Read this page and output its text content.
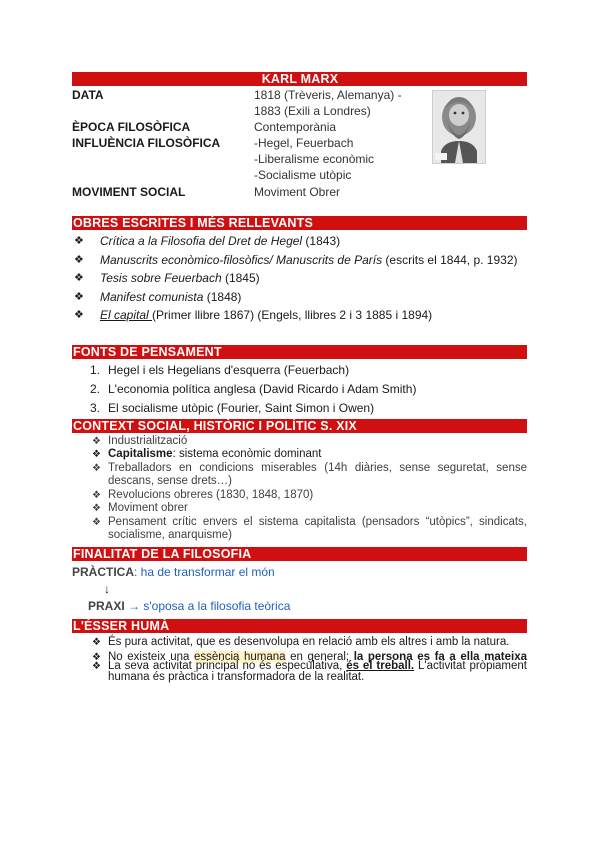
KARL MARX
DATA	1818 (Trèveris, Alemanya) -
1883 (Exili a Londres)
ÈPOCA FILOSÒFICA	Contemporània
INFLUÈNCIA FILOSÒFICA	-Hegel, Feuerbach
-Liberalisme econòmic
-Socialisme utòpic
MOVIMENT SOCIAL	Moviment Obrer
OBRES ESCRITES I MÉS RELLEVANTS
❖ Crítica a la Filosofia del Dret de Hegel (1843)
❖ Manuscrits econòmico-filosòfics/ Manuscrits de París (escrits el 1844, p. 1932)
❖ Tesis sobre Feuerbach (1845)
❖ Manifest comunista (1848)
❖ El capital (Primer llibre 1867) (Engels, llibres 2 i 3 1885 i 1894)
FONTS DE PENSAMENT
1. Hegel i els Hegelians d'esquerra (Feuerbach)
2. L'economia política anglesa (David Ricardo i Adam Smith)
3. El socialisme utòpic (Fourier, Saint Simon i Owen)
CONTEXT SOCIAL, HISTÒRIC I POLÍTIC S. XIX
❖ Industrialització
❖ Capitalisme: sistema econòmic dominant
❖ Treballadors en condicions miserables (14h diàries, sense seguretat, sense descans, sense drets…)
❖ Revolucions obreres (1830, 1848, 1870)
❖ Moviment obrer
❖ Pensament crític envers el sistema capitalista (pensadors “utòpics”, sindicats, socialisme, anarquisme)
FINALITAT DE LA FILOSOFIA
PRÀCTICA: ha de transformar el món
↓
PRAXI → s'oposa a la filosofia teòrica
L'ÉSSER HUMÀ
❖ És pura activitat, que es desenvolupa en relació amb els altres i amb la natura.
❖ No existeix una essència humana en general; la persona es fa a ella mateixa
❖ La seva activitat principal no és especulativa, és el treball. L'activitat pròpiament humana és pràctica i transformadora de la realitat.
